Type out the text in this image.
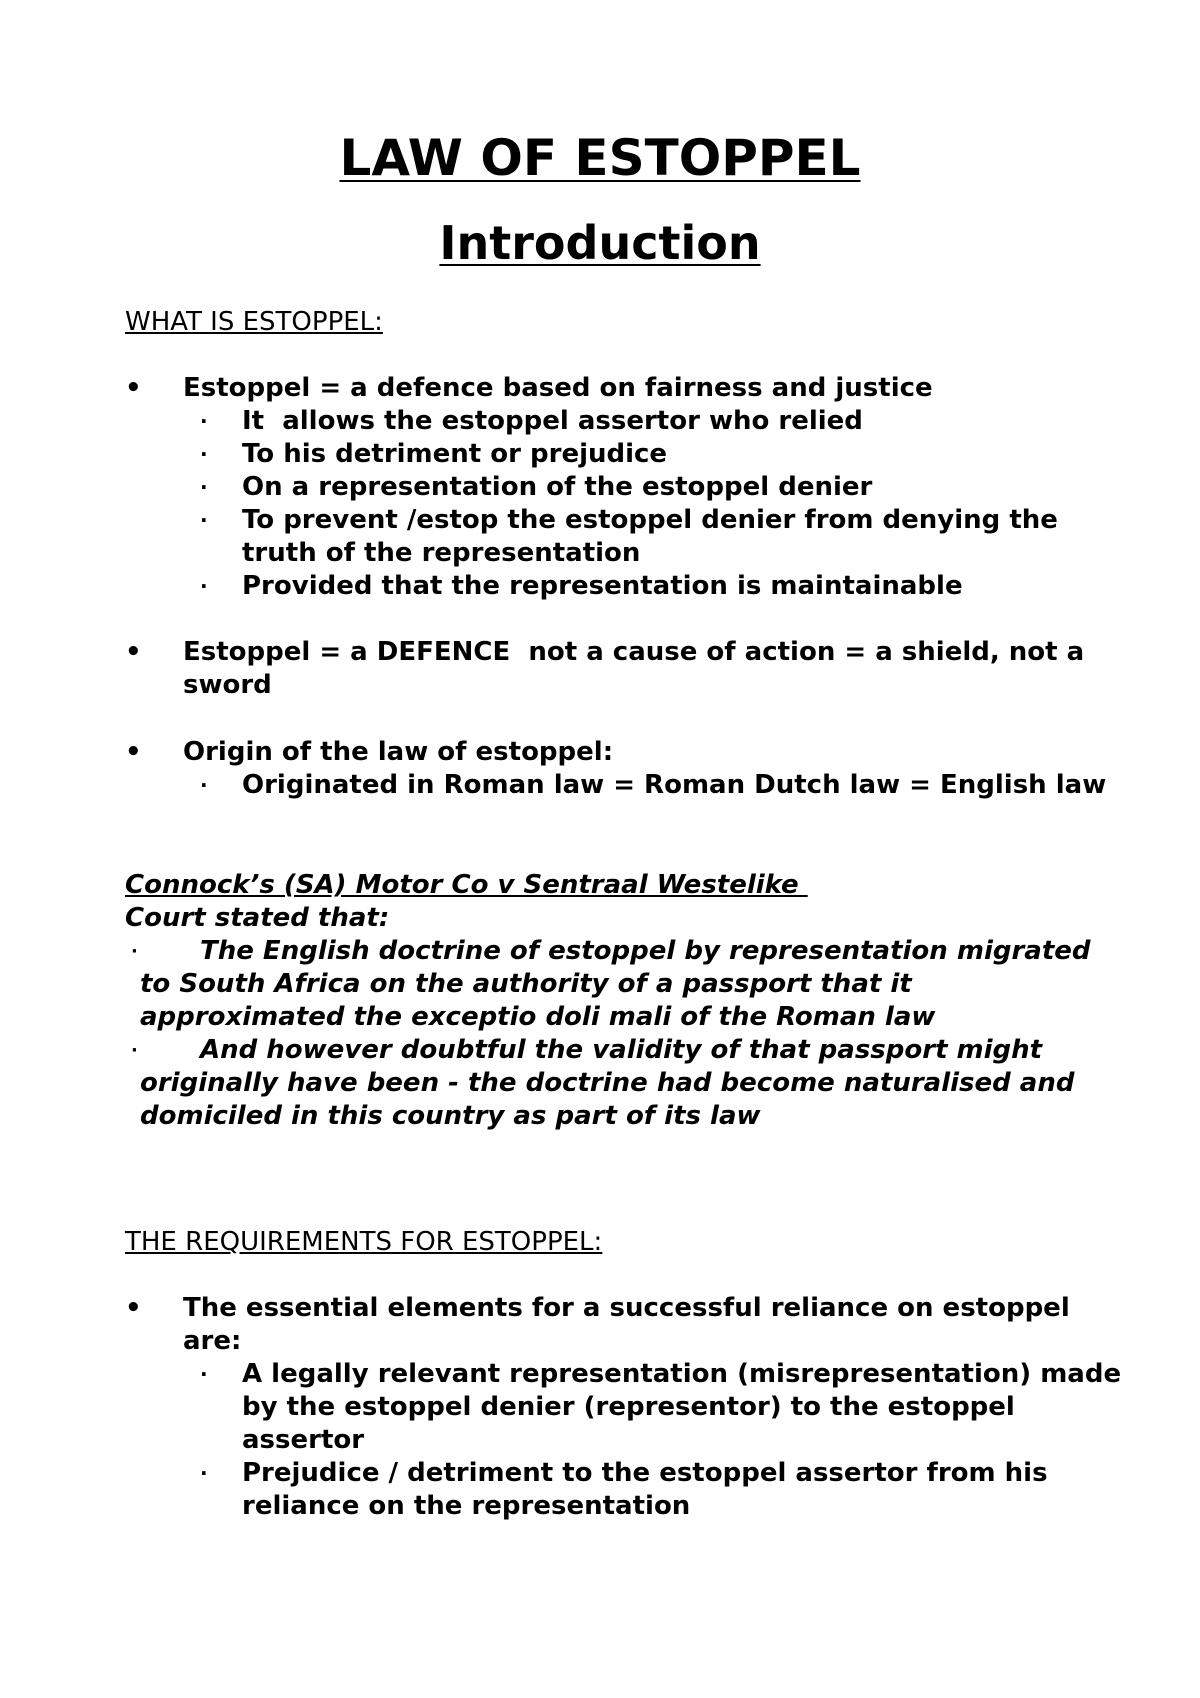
LAW OF ESTOPPEL
Introduction
WHAT IS ESTOPPEL:
• Estoppel = a defence based on fairness and justice
· It  allows the estoppel assertor who relied
· To his detriment or prejudice
· On a representation of the estoppel denier
· To prevent /estop the estoppel denier from denying the truth of the representation
· Provided that the representation is maintainable
• Estoppel = a DEFENCE  not a cause of action = a shield, not a sword
• Origin of the law of estoppel:
· Originated in Roman law = Roman Dutch law = English law
Connock’s (SA) Motor Co v Sentraal Westelike
Court stated that:
· The English doctrine of estoppel by representation migrated to South Africa on the authority of a passport that it approximated the exceptio doli mali of the Roman law
· And however doubtful the validity of that passport might originally have been - the doctrine had become naturalised and domiciled in this country as part of its law
THE REQUIREMENTS FOR ESTOPPEL:
• The essential elements for a successful reliance on estoppel are:
· A legally relevant representation (misrepresentation) made by the estoppel denier (representor) to the estoppel assertor
· Prejudice / detriment to the estoppel assertor from his reliance on the representation
